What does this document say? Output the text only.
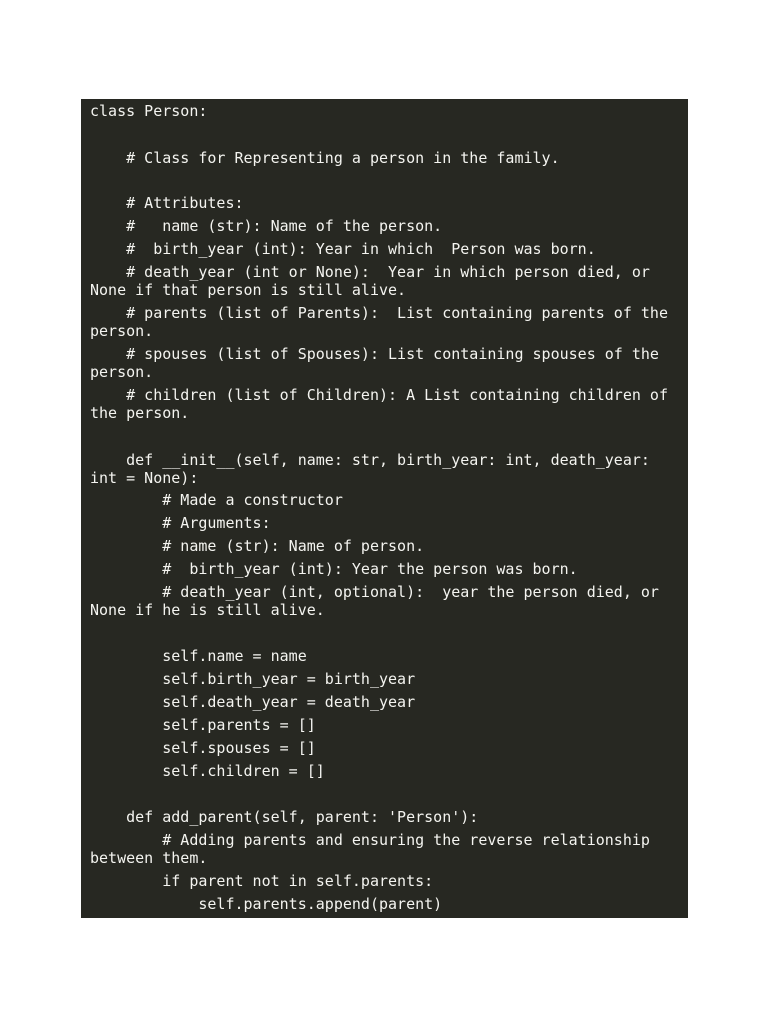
class Person:
# Class for Representing a person in the family.
# Attributes:
#   name (str): Name of the person.
#  birth_year (int): Year in which  Person was born.
# death_year (int or None):  Year in which person died, or
None if that person is still alive.
# parents (list of Parents):  List containing parents of the
person.
# spouses (list of Spouses): List containing spouses of the
person.
# children (list of Children): A List containing children of
the person.
def __init__(self, name: str, birth_year: int, death_year:
int = None):
# Made a constructor
# Arguments:
# name (str): Name of person.
#  birth_year (int): Year the person was born.
# death_year (int, optional):  year the person died, or
None if he is still alive.
self.name = name
self.birth_year = birth_year
self.death_year = death_year
self.parents = []
self.spouses = []
self.children = []
def add_parent(self, parent: 'Person'):
# Adding parents and ensuring the reverse relationship
between them.
if parent not in self.parents:
self.parents.append(parent)
